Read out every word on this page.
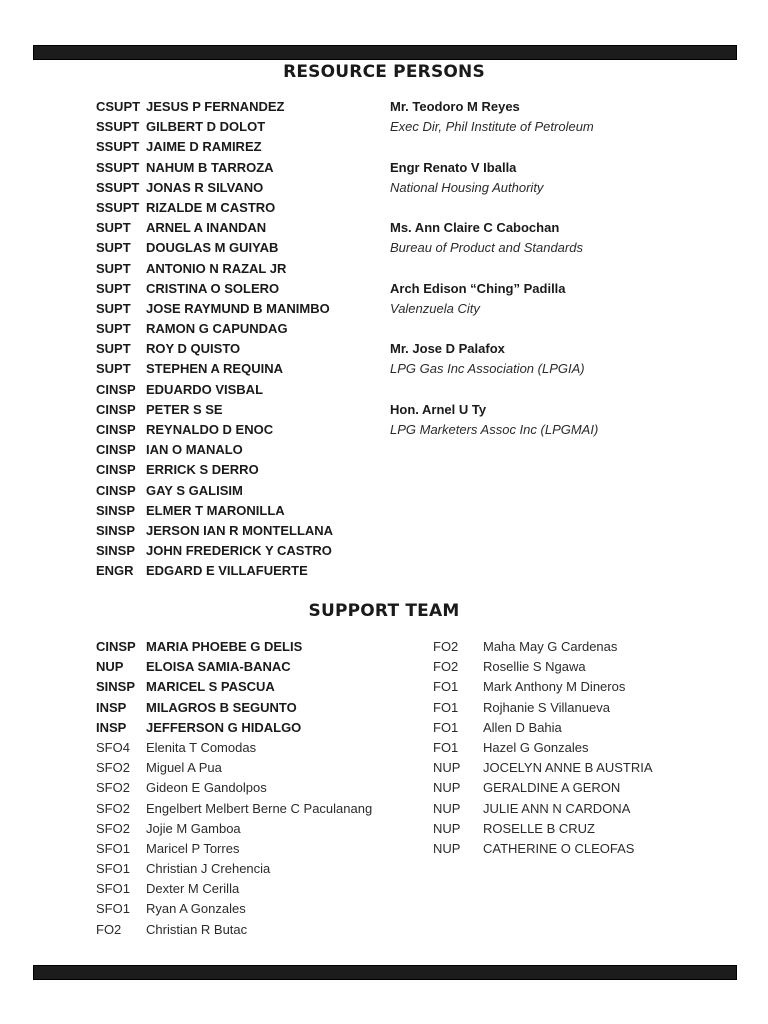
RESOURCE PERSONS
CSUPT JESUS P FERNANDEZ
SSUPT GILBERT D DOLOT
SSUPT JAIME D RAMIREZ
SSUPT NAHUM B TARROZA
SSUPT JONAS R SILVANO
SSUPT RIZALDE M CASTRO
SUPT	ARNEL A INANDAN
SUPT	DOUGLAS M GUIYAB
SUPT	ANTONIO N RAZAL JR
SUPT	CRISTINA O SOLERO
SUPT	JOSE RAYMUND B MANIMBO
SUPT	RAMON G CAPUNDAG
SUPT	ROY D QUISTO
SUPT	STEPHEN A REQUINA
CINSP EDUARDO VISBAL
CINSP PETER S SE
CINSP REYNALDO D ENOC
CINSP IAN O MANALO
CINSP ERRICK S DERRO
CINSP GAY S GALISIM
SINSP ELMER T MARONILLA
SINSP JERSON IAN R MONTELLANA
SINSP JOHN FREDERICK Y CASTRO
ENGR EDGARD E VILLAFUERTE
Mr. Teodoro M Reyes
Exec Dir, Phil Institute of Petroleum
Engr Renato V Iballa
National Housing Authority
Ms. Ann Claire C Cabochan
Bureau of Product and Standards
Arch Edison “Ching” Padilla
Valenzuela City
Mr. Jose D Palafox
LPG Gas Inc Association (LPGIA)
Hon. Arnel U Ty
LPG Marketers Assoc Inc (LPGMAI)
SUPPORT TEAM
CINSP MARIA PHOEBE G DELIS
NUP	ELOISA SAMIA-BANAC
SINSP MARICEL S PASCUA
INSP	MILAGROS B SEGUNTO
INSP	JEFFERSON G HIDALGO
SFO4	Elenita T Comodas
SFO2	Miguel A Pua
SFO2	Gideon E Gandolpos
SFO2	Engelbert Melbert Berne C Paculanang
SFO2	Jojie M Gamboa
SFO1	Maricel P Torres
SFO1	Christian J Crehencia
SFO1	Dexter M Cerilla
SFO1	Ryan A Gonzales
FO2	Christian R Butac
FO2	Maha May G Cardenas
FO2	Rosellie S Ngawa
FO1	Mark Anthony M Dineros
FO1	Rojhanie S Villanueva
FO1	Allen D Bahia
FO1	Hazel G Gonzales
NUP	JOCELYN ANNE B AUSTRIA
NUP	GERALDINE A GERON
NUP	JULIE ANN N CARDONA
NUP	ROSELLE B CRUZ
NUP	CATHERINE O CLEOFAS
